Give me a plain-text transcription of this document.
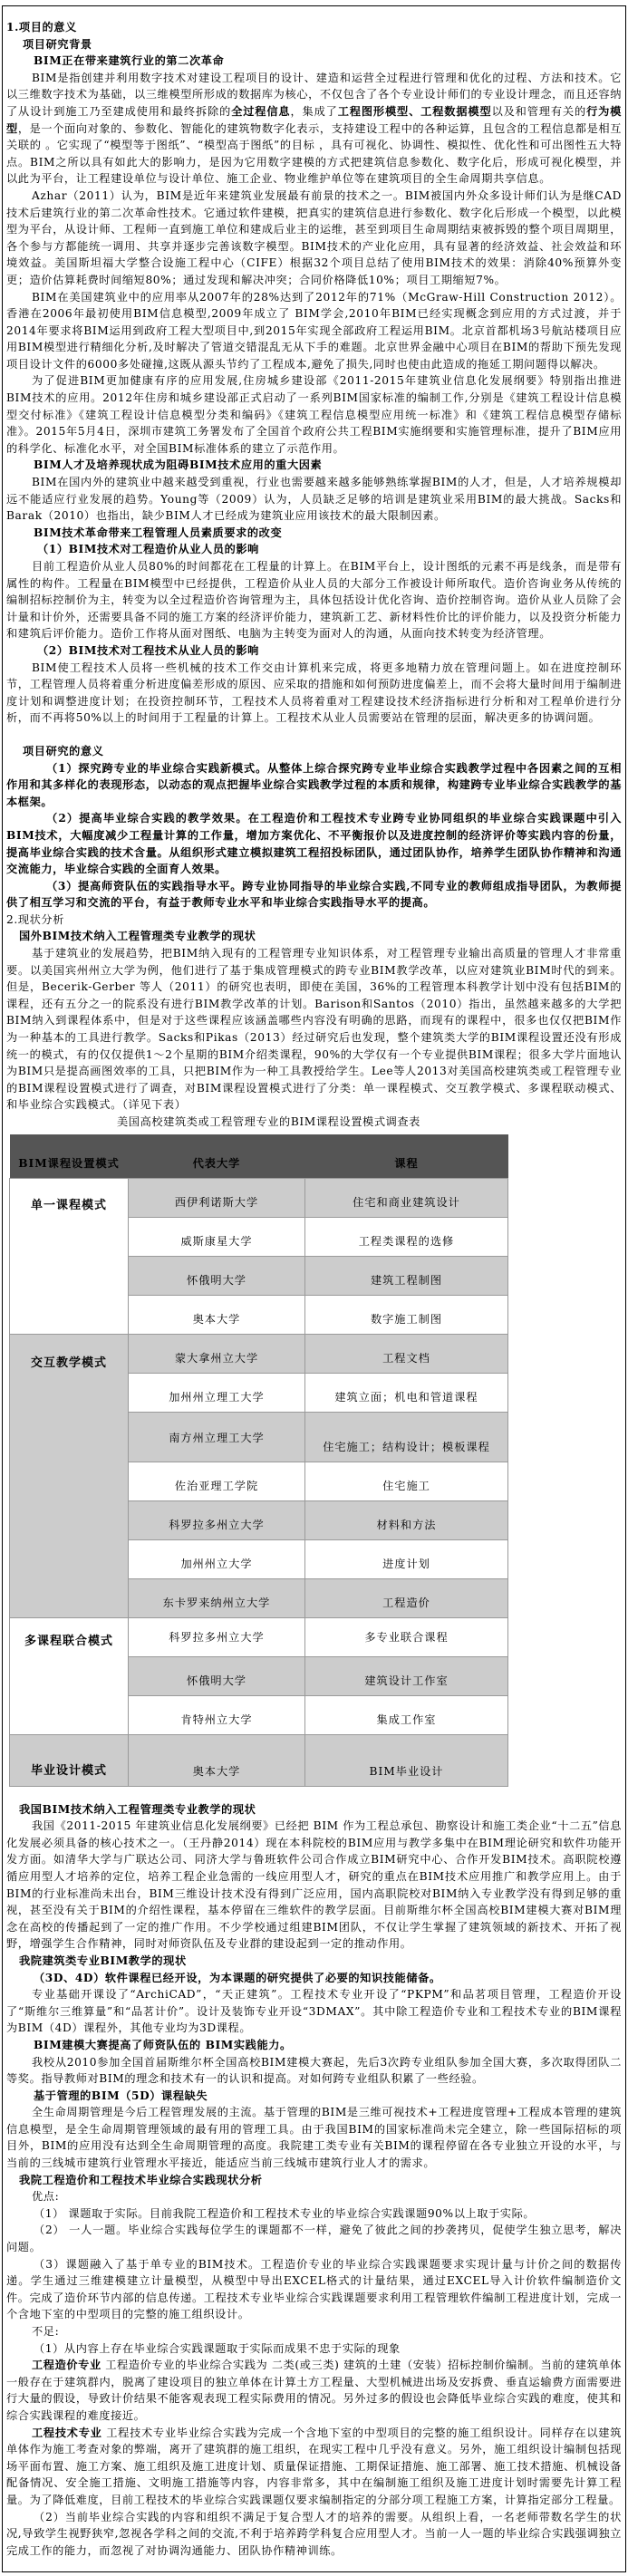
1.项目的意义

项目研究背景

BIM正在带来建筑行业的第二次革命

BIM是指创建并利用数字技术对建设工程项目的设计、建造和运营全过程进行管理和优化的过程、方法和技术。它以三维数字技术为基础，以三维模型所形成的数据库为核心，不仅包含了各个专业设计师们的专业设计理念，而且还容纳了从设计到施工乃至建成使用和最终拆除的全过程信息，集成了工程图形模型、工程数据模型以及和管理有关的行为模型，是一个面向对象的、参数化、智能化的建筑物数字化表示，支持建设工程中的各种运算，且包含的工程信息都是相互关联的 。它实现了“模型等于图纸”、“模型高于图纸”的目标 ，具有可视化、协调性、模拟性、优化性和可出图性五大特点。BIM之所以具有如此大的影响力，是因为它用数字建模的方式把建筑信息参数化、数字化后，形成可视化模型，并以此为平台，让工程建设单位与设计单位、施工企业、物业维护单位等在建筑项目的全生命周期共享信息。

Azhar（2011）认为，BIM是近年来建筑业发展最有前景的技术之一。BIM被国内外众多设计师们认为是继CAD技术后建筑行业的第二次革命性技术。它通过软件建模，把真实的建筑信息进行参数化、数字化后形成一个模型，以此模型为平台，从设计师、工程师一直到施工单位和建成后业主的运维，甚至到项目生命周期结束被拆毁的整个项目周期里，各个参与方都能统一调用、共享并逐步完善该数字模型。BIM技术的产业化应用，具有显著的经济效益、社会效益和环境效益。美国斯坦福大学整合设施工程中心（CIFE）根据32个项目总结了使用BIM技术的效果：消除40%预算外变更；造价估算耗费时间缩短80%；通过发现和解决冲突；合同价格降低10%；项目工期缩短7%。

BIM在美国建筑业中的应用率从2007年的28%达到了2012年的71%（McGraw-Hill Construction 2012）。香港在2006年最初使用BIM信息模型,2009年成立了 BIM学会,2010年BIM已经实现概念到应用的方式过渡，并于2014年要求将BIM运用到政府工程大型项目中,到2015年实现全部政府工程运用BIM。北京首都机场3号航站楼项目应用BIM模型进行精细化分析,及时解决了管道交错混乱无从下手的难题。北京世界金融中心项目在BIM的帮助下预先发现项目设计文件的6000多处碰撞,这既从源头节约了工程成本,避免了损失,同时也使由此造成的拖延工期问题得以解决。

为了促进BIM更加健康有序的应用发展,住房城乡建设部《2011-2015年建筑业信息化发展纲要》特别指出推进BIM技术的应用。2012年住房和城乡建设部正式启动了一系列BIM国家标准的编制工作,分别是《建筑工程设计信息模型交付标准》《建筑工程设计信息模型分类和编码》《建筑工程信息模型应用统一标准》和《建筑工程信息模型存储标准》。2015年5月4日，深圳市建筑工务署发布了全国首个政府公共工程BIM实施纲要和实施管理标准，提升了BIM应用的科学化、标准化水平，对全国BIM标准体系的建立了示范作用。

BIM人才及培养现状成为阻碍BIM技术应用的重大因素

BIM在国内外的建筑业中越来越受到重视，行业也需要越来越多能够熟练掌握BIM的人才，但是，人才培养规模却远不能适应行业发展的趋势。Young等（2009）认为，人员缺乏足够的培训是建筑业采用BIM的最大挑战。Sacks和Barak（2010）也指出，缺少BIM人才已经成为建筑业应用该技术的最大限制因素。

BIM技术革命带来工程管理人员素质要求的改变

（1）BIM技术对工程造价从业人员的影响

目前工程造价从业人员80%的时间都花在工程量的计算上。在BIM平台上，设计图纸的元素不再是线条，而是带有属性的构件。工程量在BIM模型中已经提供，工程造价从业人员的大部分工作被设计师所取代。造价咨询业务从传统的编制招标控制价为主，转变为以全过程造价咨询管理为主，具体包括设计优化咨询、造价控制咨询。造价从业人员除了会计量和计价外，还需要具备不同的施工方案的经济评价能力，建筑新工艺、新材料性价比的评价能力，以及投资分析能力和建筑后评价能力。造价工作将从面对图纸、电脑为主转变为面对人的沟通，从面向技术转变为经济管理。

（2）BIM技术对工程技术从业人员的影响

BIM使工程技术人员将一些机械的技术工作交由计算机来完成，将更多地精力放在管理问题上。如在进度控制环节，工程管理人员将着重分析进度偏差形成的原因、应采取的措施和如何预防进度偏差上，而不会将大量时间用于编制进度计划和调整进度计划；在投资控制环节，工程技术人员将着重对工程建设技术经济指标进行分析和对工程单价进行分析，而不再将50%以上的时间用于工程量的计算上。工程技术从业人员需要站在管理的层面，解决更多的协调问题。

项目研究的意义

（1）探究跨专业的毕业综合实践新模式。从整体上综合探究跨专业毕业综合实践教学过程中各因素之间的互相作用和其多样化的表现形态，以动态的观点把握毕业综合实践教学过程的本质和规律，构建跨专业毕业综合实践教学的基本框架。

（2）提高毕业综合实践的教学效果。在工程造价和工程技术专业跨专业协同组织的毕业综合实践课题中引入BIM技术，大幅度减少工程量计算的工作量，增加方案优化、不平衡报价以及进度控制的经济评价等实践内容的份量，提高毕业综合实践的技术含量。从组织形式建立模拟建筑工程招投标团队，通过团队协作，培养学生团队协作精神和沟通交流能力，毕业综合实践的全面育人效果。

（3）提高师资队伍的实践指导水平。跨专业协同指导的毕业综合实践,不同专业的教师组成指导团队，为教师提供了相互学习和交流的平台，有益于教师专业水平和毕业综合实践指导水平的提高。

2.现状分析

国外BIM技术纳入工程管理类专业教学的现状

基于建筑业的发展趋势，把BIM纳入现有的工程管理专业知识体系，对工程管理专业输出高质量的管理人才非常重要。以美国宾州州立大学为例，他们进行了基于集成管理模式的跨专业BIM教学改革，以应对建筑业BIM时代的到来。但是，Becerik-Gerber 等人（2011）的研究也表明，即使在美国，36%的工程管理本科教学计划中没有包括BIM的课程，还有五分之一的院系没有进行BIM教学改革的计划。Barison和Santos（2010）指出，虽然越来越多的大学把BIM纳入到课程体系中，但是对于这些课程应该涵盖哪些内容没有明确的思路，而现有的课程中，很多也仅仅把BIM作为一种基本的工具进行教学。Sacks和Pikas（2013）经过研究后也发现，整个建筑类大学的BIM课程设置还没有形成统一的模式，有的仅仅提供1～2个星期的BIM介绍类课程，90%的大学仅有一个专业提供BIM课程；很多大学片面地认为BIM只是提高画图效率的工具，只把BIM作为一种工具教授给学生。Lee等人2013对美国高校建筑类或工程管理专业的BIM课程设置模式进行了调查，对BIM课程设置模式进行了分类：单一课程模式、交互教学模式、多课程联动模式、和毕业综合实践模式。（详见下表）

美国高校建筑类或工程管理专业的BIM课程设置模式调查表

BIM课程设置模式	代表大学	课程
单一课程模式	西伊利诺斯大学	住宅和商业建筑设计
	威斯康星大学	工程类课程的选修
	怀俄明大学	建筑工程制图
	奥本大学	数字施工制图
交互教学模式	蒙大拿州立大学	工程文档
	加州州立理工大学	建筑立面；机电和管道课程
	南方州立理工大学	住宅施工；结构设计；模板课程
	佐治亚理工学院	住宅施工
	科罗拉多州立大学	材料和方法
	加州州立大学	进度计划
	东卡罗来纳州立大学	工程造价
多课程联合模式	科罗拉多州立大学	多专业联合课程
	怀俄明大学	建筑设计工作室
	肯特州立大学	集成工作室
毕业设计模式	奥本大学	BIM毕业设计

我国BIM技术纳入工程管理类专业教学的现状

我国《2011-2015 年建筑业信息化发展纲要》已经把 BIM 作为工程总承包、勘察设计和施工类企业“十二五”信息化发展必须具备的核心技术之一。（王丹静2014）现在本科院校的BIM应用与教学多集中在BIM理论研究和软件功能开发方面。如清华大学与广联达公司、同济大学与鲁班软件公司合作成立BIM研究中心、合作开发BIM技术。高职院校遵循应用型人才培养的定位，培养工程企业急需的一线应用型人才，研究的重点在BIM技术应用推广和教学应用上。由于BIM的行业标准尚未出台，BIM三维设计技术没有得到广泛应用，国内高职院校对BIM纳入专业教学没有得到足够的重视，甚至没有关于BIM的介绍性课程，基本停留在三维软件的教学层面。目前斯维尔杯全国高校BIM建模大赛对BIM理念在高校的传播起到了一定的推广作用。不少学校通过组建BIM团队，不仅让学生掌握了建筑领域的新技术、开拓了视野，增强学生合作精神，同时对师资队伍及专业群的建设起到一定的推动作用。

我院建筑类专业BIM教学的现状

（3D、4D）软件课程已经开设，为本课题的研究提供了必要的知识技能储备。

专业基础开课设了“ArchiCAD”，“天正建筑”。工程技术专业开设了“PKPM”和品茗项目管理，工程造价开设了“斯维尔三维算量”和“品茗计价”。设计及装饰专业开设“3DMAX”。其中除工程造价专业和工程技术专业的BIM课程为BIM（4D）课程外，其他专业均为3D课程。

BIM建模大赛提高了师资队伍的 BIM实践能力。

我校从2010参加全国首届斯维尔杯全国高校BIM建模大赛起，先后3次跨专业组队参加全国大赛，多次取得团队二等奖。指导教师对BIM的理念和技术有一的认识和提高。对如何跨专业组队积累了一些经验。

基于管理的BIM（5D）课程缺失

全生命周期管理是今后工程管理发展的主流。基于管理的BIM是三维可视技术+工程进度管理+工程成本管理的建筑信息模型，是全生命周期管理领域的最有用的管理工具。由于我国BIM的国家标准尚未完全建立，除一些国际招标的项目外，BIM的应用没有达到全生命周期管理的高度。我院建工类专业有关BIM的课程停留在各专业独立开设的水平，与当前的三线城市建筑行业管理水平接近，能适应当前三线城市建筑行业人才的需求。

我院工程造价和工程技术毕业综合实践现状分析

优点:

（1） 课题取于实际。目前我院工程造价和工程技术专业的毕业综合实践课题90%以上取于实际。

（2） 一人一题。毕业综合实践每位学生的课题都不一样，避免了彼此之间的抄袭拷贝，促使学生独立思考，解决问题。

（3）课题融入了基于单专业的BIM技术。工程造价专业的毕业综合实践课题要求实现计量与计价之间的数据传递。学生通过三维建模建立计量模型，从模型中导出EXCEL格式的计量结果，通过EXCEL导入计价软件编制造价文件。完成了造价环节内部的信息传递。工程技术专业毕业综合实践课题要求利用工程管理软件编制工程进度计划，完成一个含地下室的中型项目的完整的施工组织设计。

不足:

（1）从内容上存在毕业综合实践课题取于实际而成果不忠于实际的现象

工程造价专业 工程造价专业的毕业综合实践为 二类(或三类) 建筑的土建（安装）招标控制价编制。当前的建筑单体一般存在于建筑群内，脱离了建设项目的独立单体在计算土方工程量、大型机械进出场及安拆费、垂直运输费方面需要进行大量的假设，导致计价结果不能客观表现工程实际费用的情况。另外过多的假设也会降低毕业综合实践的难度，使其和综合实践课程的难度接近。

工程技术专业 工程技术专业毕业综合实践为完成一个含地下室的中型项目的完整的施工组织设计。同样存在以建筑单体作为施工考查对象的弊端，离开了建筑群的施工组织，在现实工程中几乎没有意义。另外，施工组织设计编制包括现场平面布置、施工方案、施工组织及施工进度计划、质量保证措施、工期保证措施、施工部署、施工技术措施、机械设备配备情况、安全施工措施、文明施工措施等内容，内容非常多，其中在编制施工组织及施工进度计划时需要先计算工程量。为了降低难度，目前工程技术的毕业综合实践课题仅要求编制指定的分部分项工程施工方案，计算指定部分工程量。

（2）当前毕业综合实践的内容和组织不满足于复合型人才的培养的需要。从组织上看，一名老师带数名学生的状况,导致学生视野狭窄,忽视各学科之间的交流,不利于培养跨学科复合应用型人才。当前一人一题的毕业综合实践强调独立完成工作的能力，而忽视了对协调沟通能力、团队协作精神训练。
